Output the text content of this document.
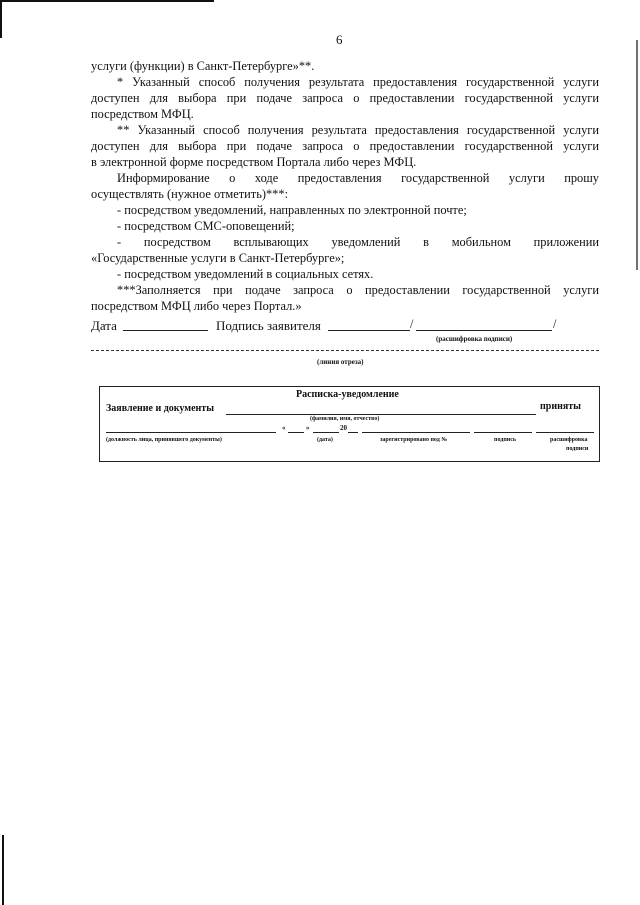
6
услуги (функции) в Санкт-Петербурге»**.
* Указанный способ получения результата предоставления государственной услуги
доступен для выбора при подаче запроса о предоставлении государственной услуги
посредством МФЦ.
** Указанный способ получения результата предоставления государственной услуги
доступен для выбора при подаче запроса о предоставлении государственной услуги
в электронной форме посредством Портала либо через МФЦ.
Информирование о ходе предоставления государственной услуги прошу
осуществлять (нужное отметить)***:
- посредством уведомлений, направленных по электронной почте;
- посредством СМС-оповещений;
- посредством всплывающих уведомлений в мобильном приложении
«Государственные услуги в Санкт-Петербурге»;
- посредством уведомлений в социальных сетях.
***Заполняется при подаче запроса о предоставлении государственной услуги
посредством МФЦ либо через Портал.»
Дата	Подпись заявителя	/	/
(расшифровка подписи)
(линия отреза)
Расписка-уведомление
Заявление и документы	приняты
(фамилия, имя, отчество)
«	»	20
(должность лица, принявшего документы)	(дата)	зарегистрировано под №	подпись	расшифровка
подписи
